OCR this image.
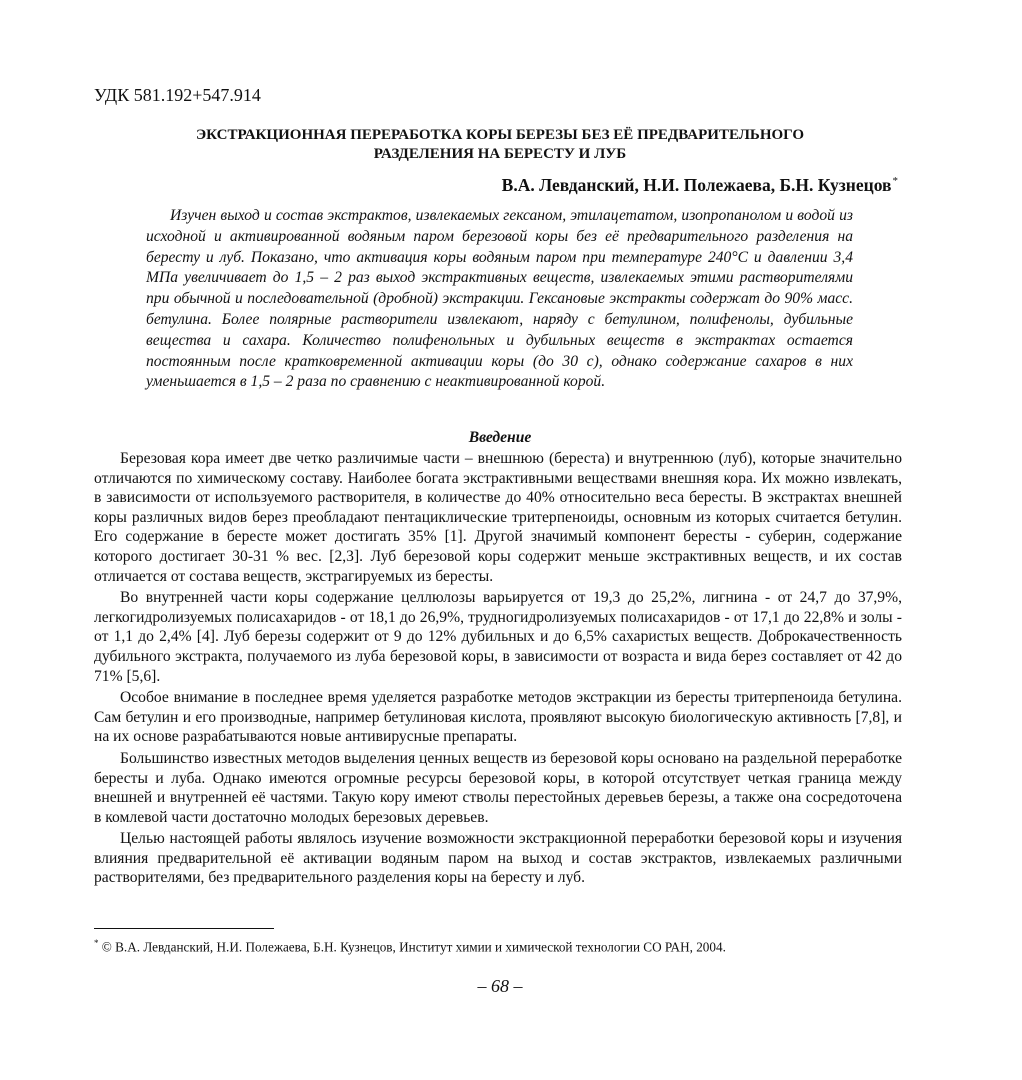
УДК 581.192+547.914
ЭКСТРАКЦИОННАЯ ПЕРЕРАБОТКА КОРЫ БЕРЕЗЫ БЕЗ ЕЁ ПРЕДВАРИТЕЛЬНОГО
РАЗДЕЛЕНИЯ НА БЕРЕСТУ И ЛУБ
В.А. Левданский, Н.И. Полежаева, Б.Н. Кузнецов*

Изучен выход и состав экстрактов, извлекаемых гексаном, этилацетатом, изопропанолом и водой из исходной и активированной водяным паром березовой коры без её предварительного разделения на бересту и луб. Показано, что активация коры водяным паром при температуре 240°С и давлении 3,4 МПа увеличивает до 1,5 – 2 раз выход экстрактивных веществ, извлекаемых этими растворителями при обычной и последовательной (дробной) экстракции. Гексановые экстракты содержат до 90% масс. бетулина. Более полярные растворители извлекают, наряду с бетулином, полифенолы, дубильные вещества и сахара. Количество полифенольных и дубильных веществ в экстрактах остается постоянным после кратковременной активации коры (до 30 с), однако содержание сахаров в них уменьшается в 1,5 – 2 раза по сравнению с неактивированной корой.

Введение

Березовая кора имеет две четко различимые части – внешнюю (береста) и внутреннюю (луб), которые значительно отличаются по химическому составу. Наиболее богата экстрактивными веществами внешняя кора. Их можно извлекать, в зависимости от используемого растворителя, в количестве до 40% относительно веса бересты. В экстрактах внешней коры различных видов берез преобладают пентациклические тритерпеноиды, основным из которых считается бетулин. Его содержание в бересте может достигать 35% [1]. Другой значимый компонент бересты - суберин, содержание которого достигает 30-31 % вес. [2,3]. Луб березовой коры содержит меньше экстрактивных веществ, и их состав отличается от состава веществ, экстрагируемых из бересты.

Во внутренней части коры содержание целлюлозы варьируется от 19,3 до 25,2%, лигнина - от 24,7 до 37,9%, легкогидролизуемых полисахаридов - от 18,1 до 26,9%, трудногидролизуемых полисахаридов - от 17,1 до 22,8% и золы - от 1,1 до 2,4% [4]. Луб березы содержит от 9 до 12% дубильных и до 6,5% сахаристых веществ. Доброкачественность дубильного экстракта, получаемого из луба березовой коры, в зависимости от возраста и вида берез составляет от 42 до 71% [5,6].

Особое внимание в последнее время уделяется разработке методов экстракции из бересты тритерпеноида бетулина. Сам бетулин и его производные, например бетулиновая кислота, проявляют высокую биологическую активность [7,8], и на их основе разрабатываются новые антивирусные препараты.

Большинство известных методов выделения ценных веществ из березовой коры основано на раздельной переработке бересты и луба. Однако имеются огромные ресурсы березовой коры, в которой отсутствует четкая граница между внешней и внутренней её частями. Такую кору имеют стволы перестойных деревьев березы, а также она сосредоточена в комлевой части достаточно молодых березовых деревьев.

Целью настоящей работы являлось изучение возможности экстракционной переработки березовой коры и изучения влияния предварительной её активации водяным паром на выход и состав экстрактов, извлекаемых различными растворителями, без предварительного разделения коры на бересту и луб.

* © В.А. Левданский, Н.И. Полежаева, Б.Н. Кузнецов, Институт химии и химической технологии СО РАН, 2004.
– 68 –
